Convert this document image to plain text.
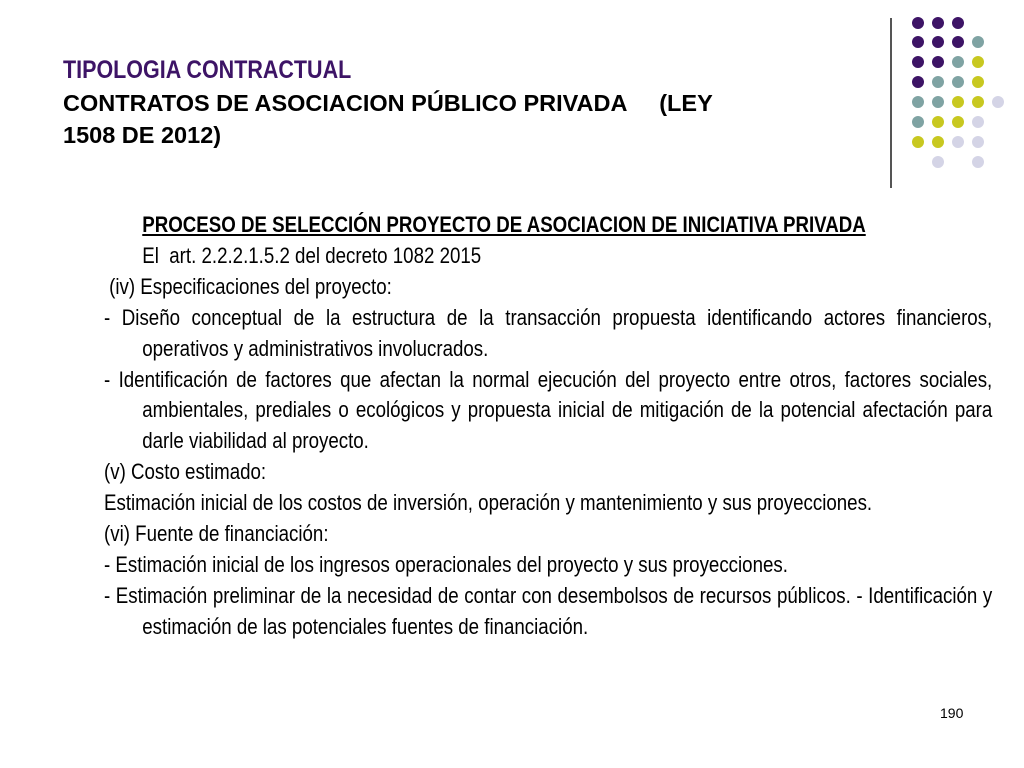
TIPOLOGIA CONTRACTUAL
CONTRATOS DE ASOCIACION PÚBLICO PRIVADA     (LEY
1508 DE 2012)

PROCESO DE SELECCIÓN PROYECTO DE ASOCIACION DE INICIATIVA PRIVADA

El  art. 2.2.2.1.5.2 del decreto 1082 2015

(iv) Especificaciones del proyecto:

- Diseño conceptual de la estructura de la transacción propuesta identificando actores financieros, operativos y administrativos involucrados.

- Identificación de factores que afectan la normal ejecución del proyecto entre otros, factores sociales, ambientales, prediales o ecológicos y propuesta inicial de mitigación de la potencial afectación para darle viabilidad al proyecto.

(v) Costo estimado:

Estimación inicial de los costos de inversión, operación y mantenimiento y sus proyecciones.

(vi) Fuente de financiación:

- Estimación inicial de los ingresos operacionales del proyecto y sus proyecciones.

- Estimación preliminar de la necesidad de contar con desembolsos de recursos públicos. - Identificación y estimación de las potenciales fuentes de financiación.

190
